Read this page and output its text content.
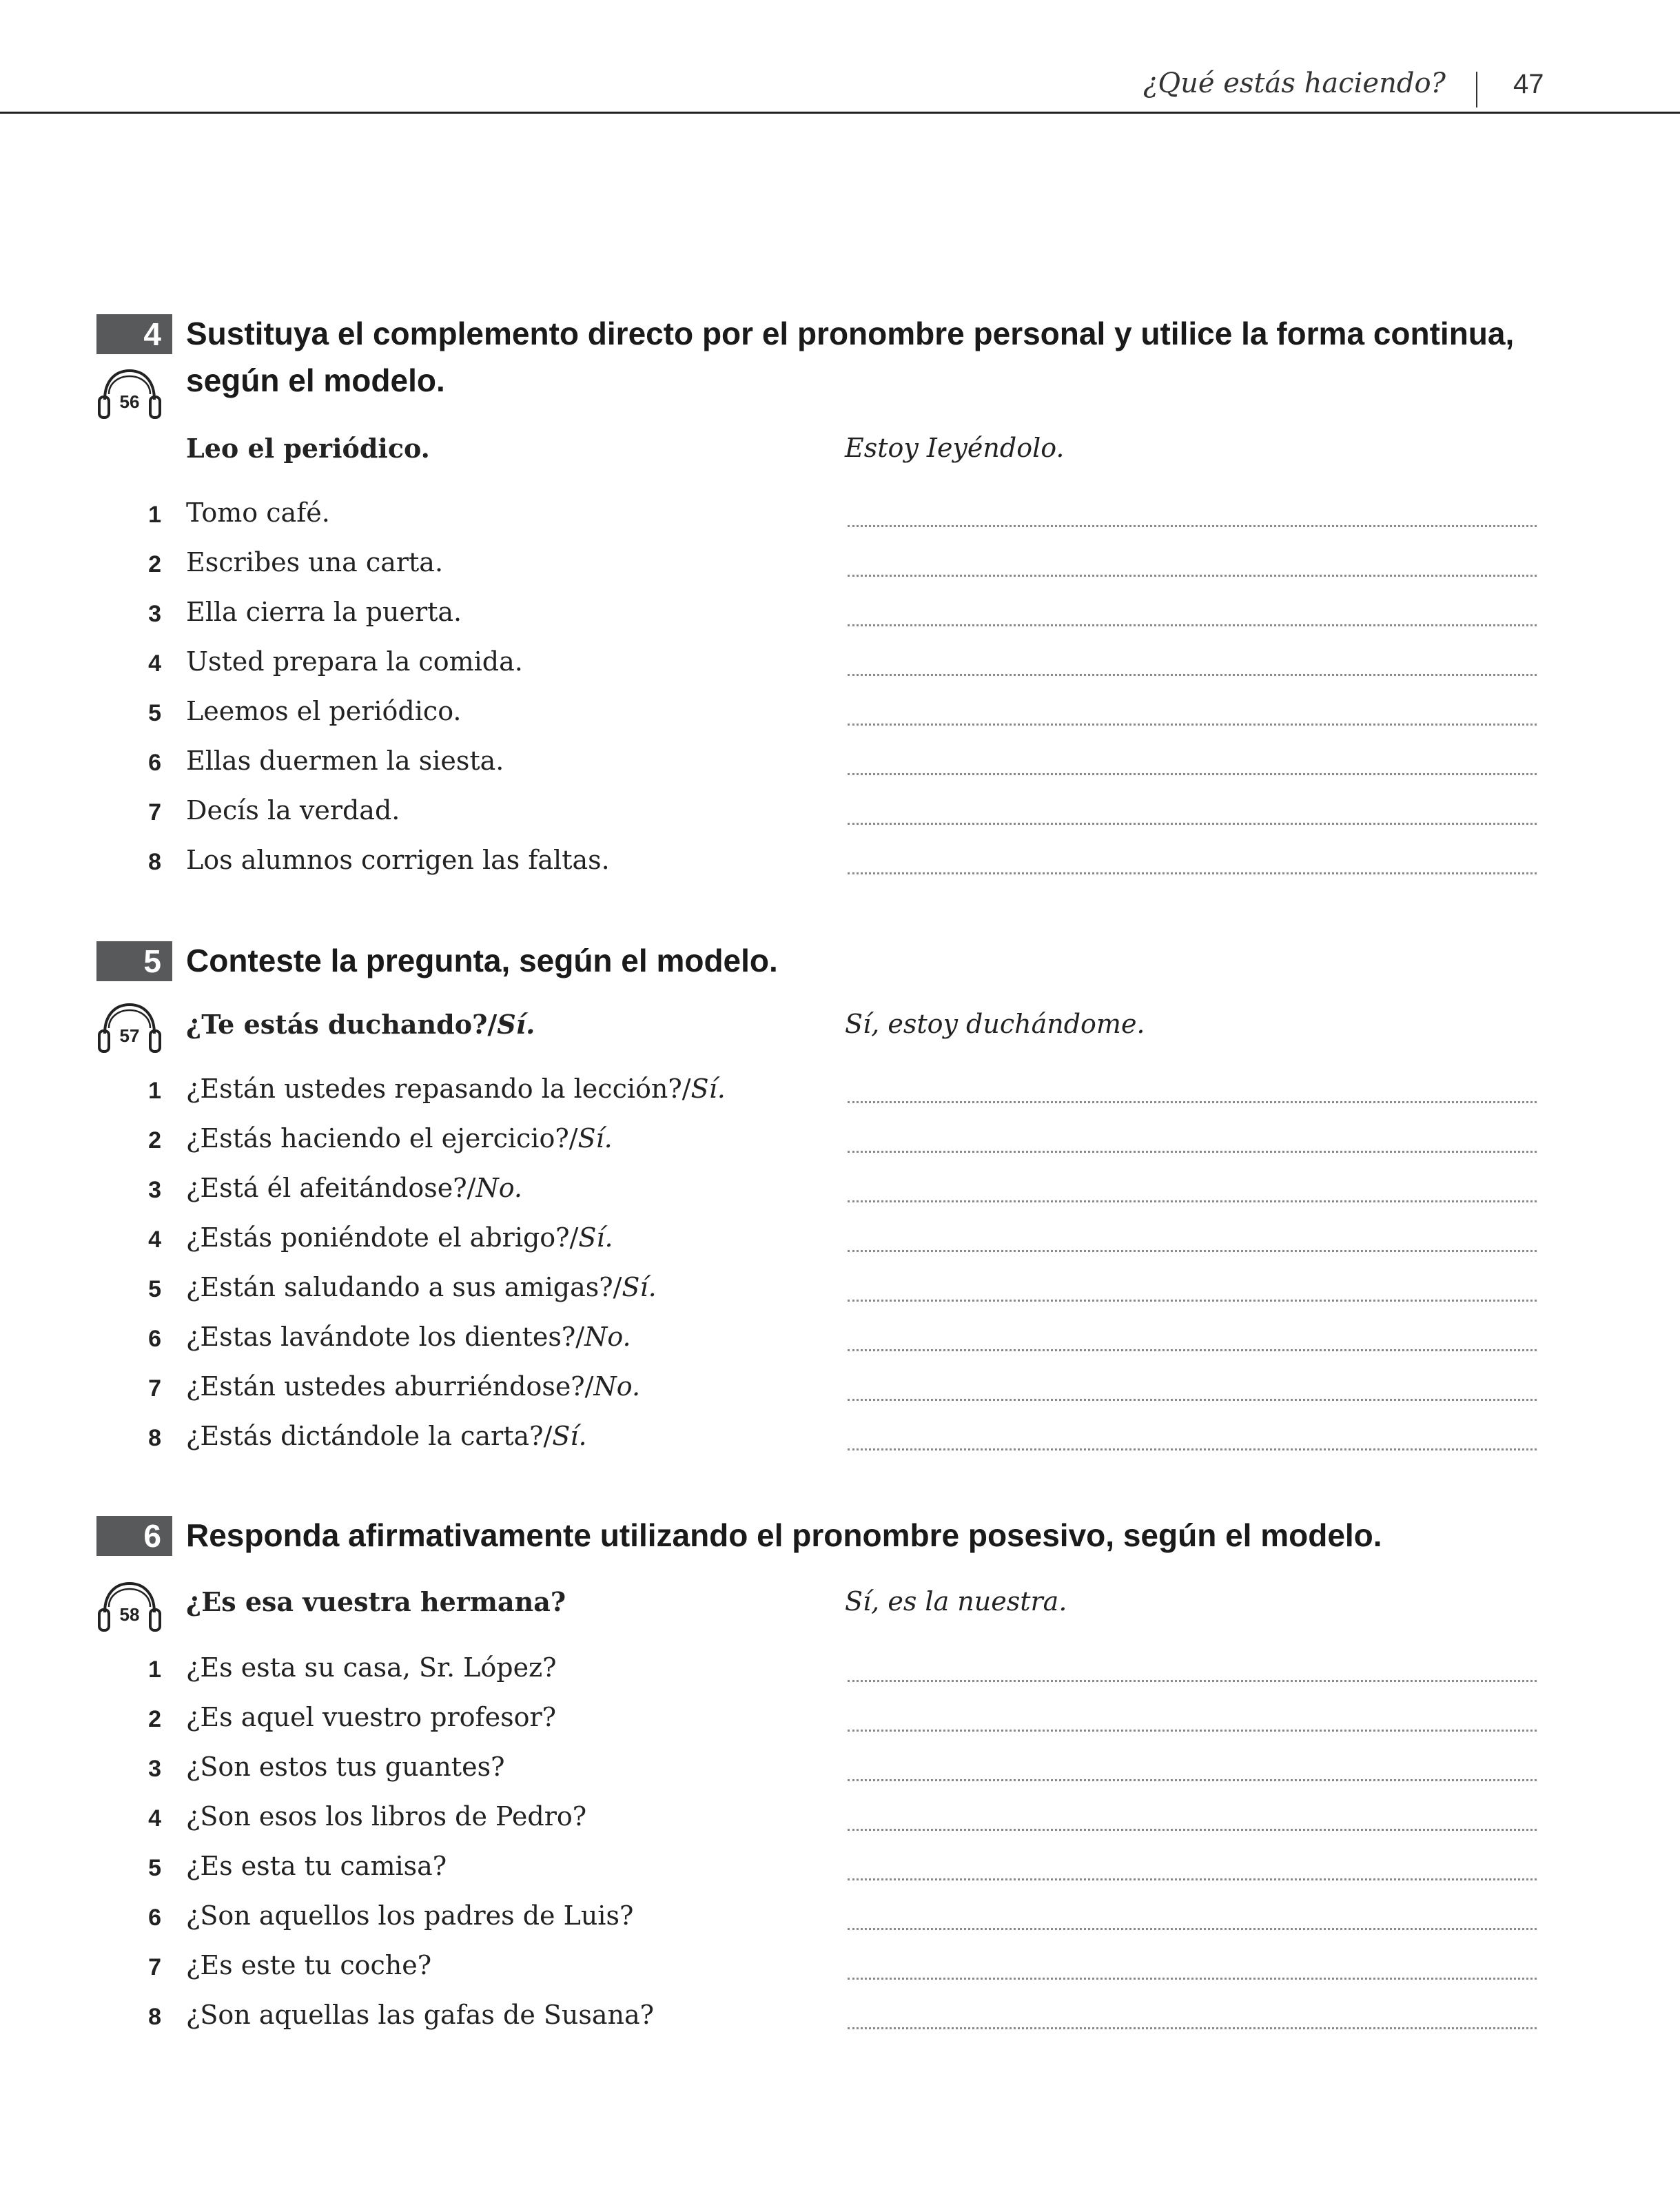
¿Qué estás haciendo? 47
4 Sustituya el complemento directo por el pronombre personal y utilice la forma continua, según el modelo.
56
Leo el periódico.	Estoy Ieyéndolo.
1 Tomo café.
2 Escribes una carta.
3 Ella cierra la puerta.
4 Usted prepara la comida.
5 Leemos el periódico.
6 Ellas duermen la siesta.
7 Decís la verdad.
8 Los alumnos corrigen las faltas.
5 Conteste la pregunta, según el modelo.
57	¿Te estás duchando?/Sí.	Sí, estoy duchándome.
1 ¿Están ustedes repasando la lección?/Sí.
2 ¿Estás haciendo el ejercicio?/Sí.
3 ¿Está él afeitándose?/No.
4 ¿Estás poniéndote el abrigo?/Sí.
5 ¿Están saludando a sus amigas?/Sí.
6 ¿Estas lavándote los dientes?/No.
7 ¿Están ustedes aburriéndose?/No.
8 ¿Estás dictándole la carta?/Sí.
6 Responda afirmativamente utilizando el pronombre posesivo, según el modelo.
58	¿Es esa vuestra hermana?	Sí, es la nuestra.
1 ¿Es esta su casa, Sr. López?
2 ¿Es aquel vuestro profesor?
3 ¿Son estos tus guantes?
4 ¿Son esos los libros de Pedro?
5 ¿Es esta tu camisa?
6 ¿Son aquellos los padres de Luis?
7 ¿Es este tu coche?
8 ¿Son aquellas las gafas de Susana?
